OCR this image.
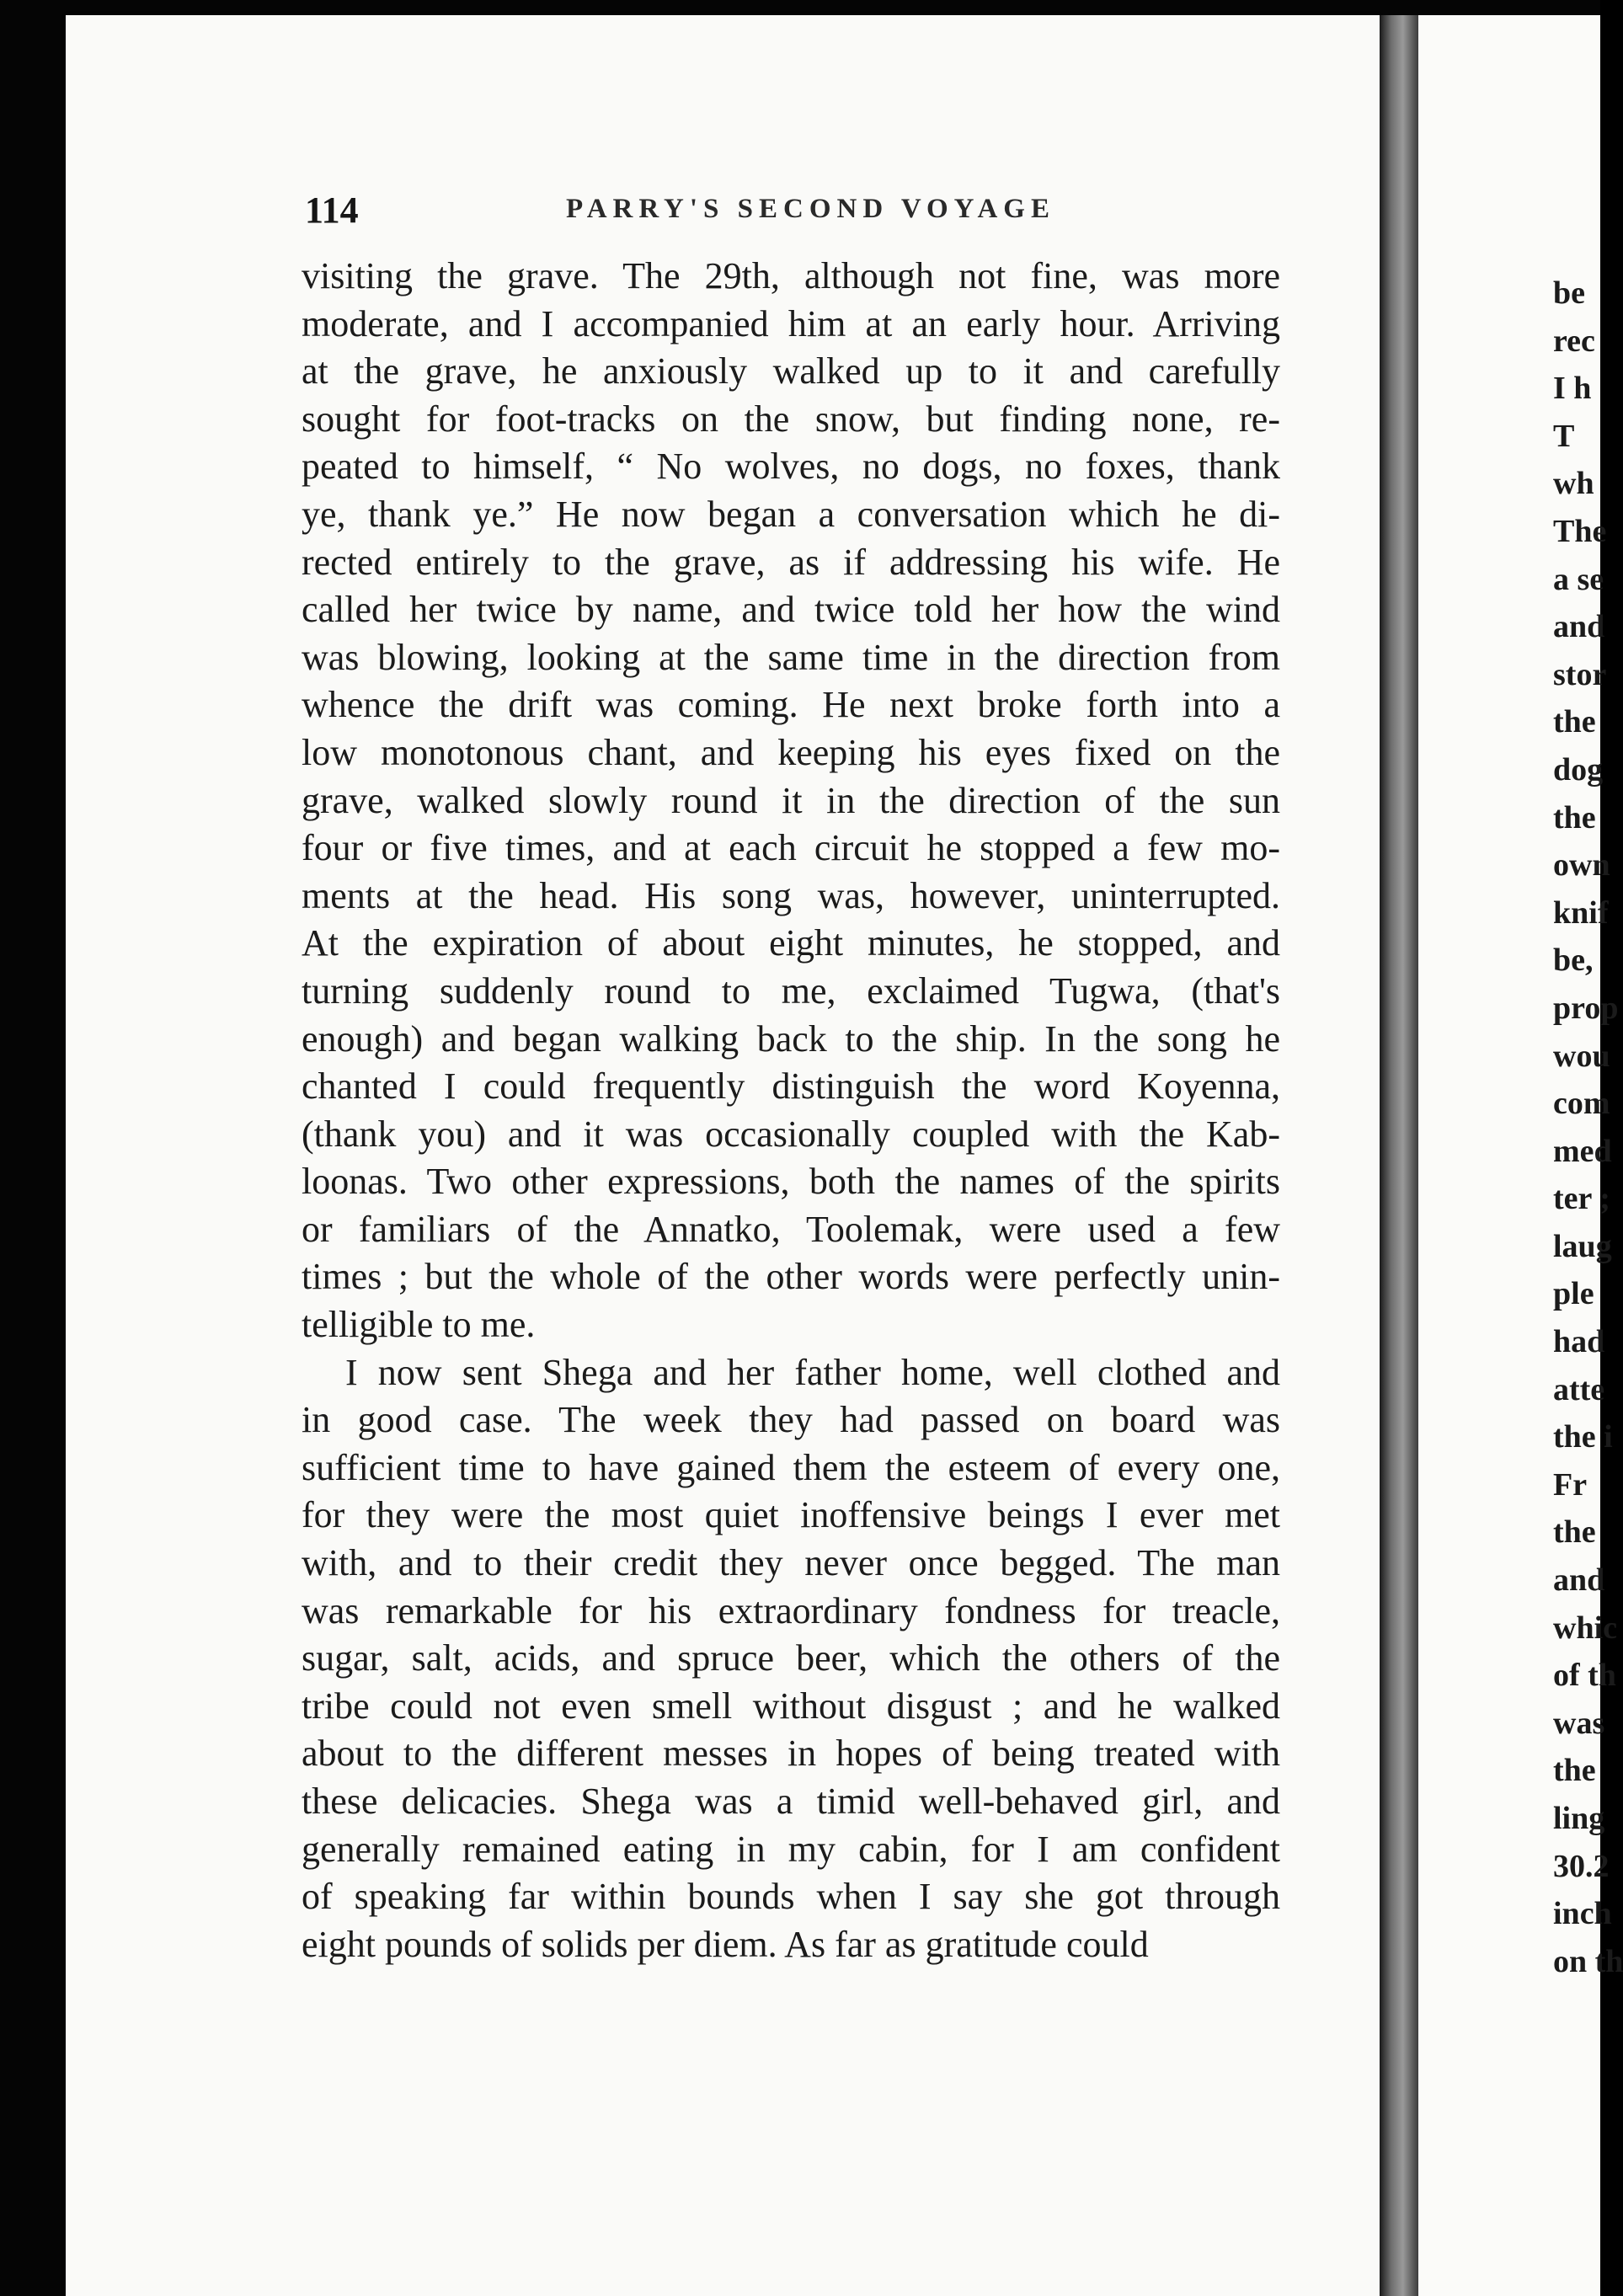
114	PARRY'S SECOND VOYAGE
visiting the grave. The 29th, although not fine, was more
moderate, and I accompanied him at an early hour. Arriving
at the grave, he anxiously walked up to it and carefully
sought for foot-tracks on the snow, but finding none, re-
peated to himself, “ No wolves, no dogs, no foxes, thank
ye, thank ye.” He now began a conversation which he di-
rected entirely to the grave, as if addressing his wife. He
called her twice by name, and twice told her how the wind
was blowing, looking at the same time in the direction from
whence the drift was coming. He next broke forth into a
low monotonous chant, and keeping his eyes fixed on the
grave, walked slowly round it in the direction of the sun
four or five times, and at each circuit he stopped a few mo-
ments at the head. His song was, however, uninterrupted.
At the expiration of about eight minutes, he stopped, and
turning suddenly round to me, exclaimed Tugwa, (that's
enough) and began walking back to the ship. In the song he
chanted I could frequently distinguish the word Koyenna,
(thank you) and it was occasionally coupled with the Kab-
loonas. Two other expressions, both the names of the spirits
or familiars of the Annatko, Toolemak, were used a few
times ; but the whole of the other words were perfectly unin-
telligible to me.
I now sent Shega and her father home, well clothed and
in good case. The week they had passed on board was
sufficient time to have gained them the esteem of every one,
for they were the most quiet inoffensive beings I ever met
with, and to their credit they never once begged. The man
was remarkable for his extraordinary fondness for treacle,
sugar, salt, acids, and spruce beer, which the others of the
tribe could not even smell without disgust ; and he walked
about to the different messes in hopes of being treated with
these delicacies. Shega was a timid well-behaved girl, and
generally remained eating in my cabin, for I am confident
of speaking far within bounds when I say she got through
eight pounds of solids per diem. As far as gratitude could
be
rec
I h
T
wh
The
a se
and
stor
the
dog
the
own
knif
be,
prop
wou
com
med
ter ;
laug
ple
had
atte
the i
Fr
the
and
whic
of th
was
the
ling
30.2
inch
on th
